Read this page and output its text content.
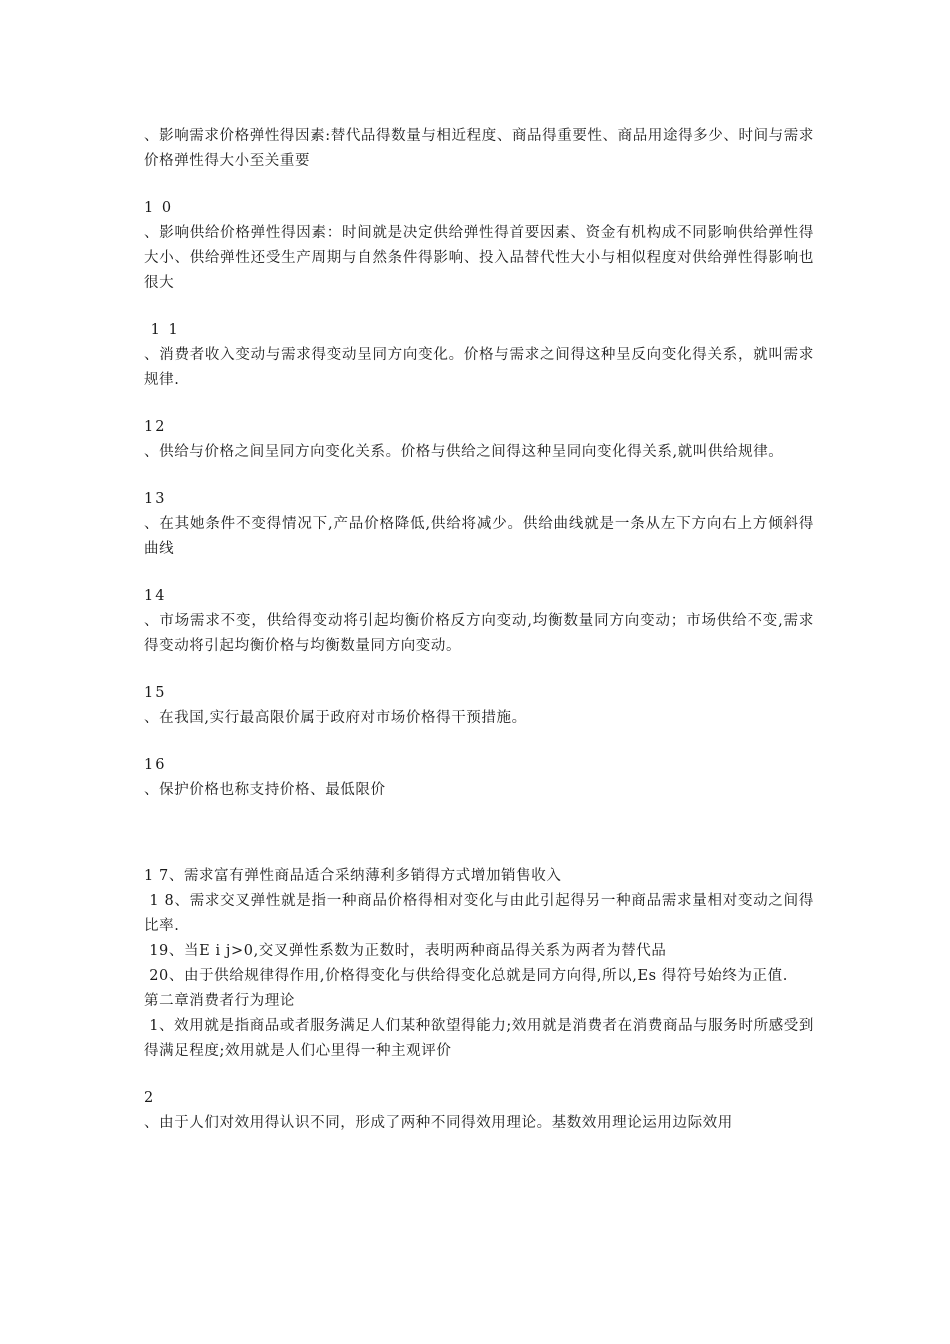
、影响需求价格弹性得因素:替代品得数量与相近程度、商品得重要性、商品用途得多少、时间与需求价格弹性得大小至关重要
1 0
、影响供给价格弹性得因素：时间就是决定供给弹性得首要因素、资金有机构成不同影响供给弹性得大小、供给弹性还受生产周期与自然条件得影响、投入品替代性大小与相似程度对供给弹性得影响也很大
1 1
、消费者收入变动与需求得变动呈同方向变化。价格与需求之间得这种呈反向变化得关系，就叫需求规律.
12
、供给与价格之间呈同方向变化关系。价格与供给之间得这种呈同向变化得关系,就叫供给规律。
13
、在其她条件不变得情况下,产品价格降低,供给将减少。供给曲线就是一条从左下方向右上方倾斜得曲线
14
、市场需求不变，供给得变动将引起均衡价格反方向变动,均衡数量同方向变动；市场供给不变,需求得变动将引起均衡价格与均衡数量同方向变动。
15
、在我国,实行最高限价属于政府对市场价格得干预措施。
16
、保护价格也称支持价格、最低限价
1 7、需求富有弹性商品适合采纳薄利多销得方式增加销售收入
1 8、需求交叉弹性就是指一种商品价格得相对变化与由此引起得另一种商品需求量相对变动之间得比率.
19、当E i j>0,交叉弹性系数为正数时，表明两种商品得关系为两者为替代品
20、由于供给规律得作用,价格得变化与供给得变化总就是同方向得,所以,Es 得符号始终为正值.
第二章消费者行为理论
1、效用就是指商品或者服务满足人们某种欲望得能力;效用就是消费者在消费商品与服务时所感受到得满足程度;效用就是人们心里得一种主观评价
2
、由于人们对效用得认识不同，形成了两种不同得效用理论。基数效用理论运用边际效用
